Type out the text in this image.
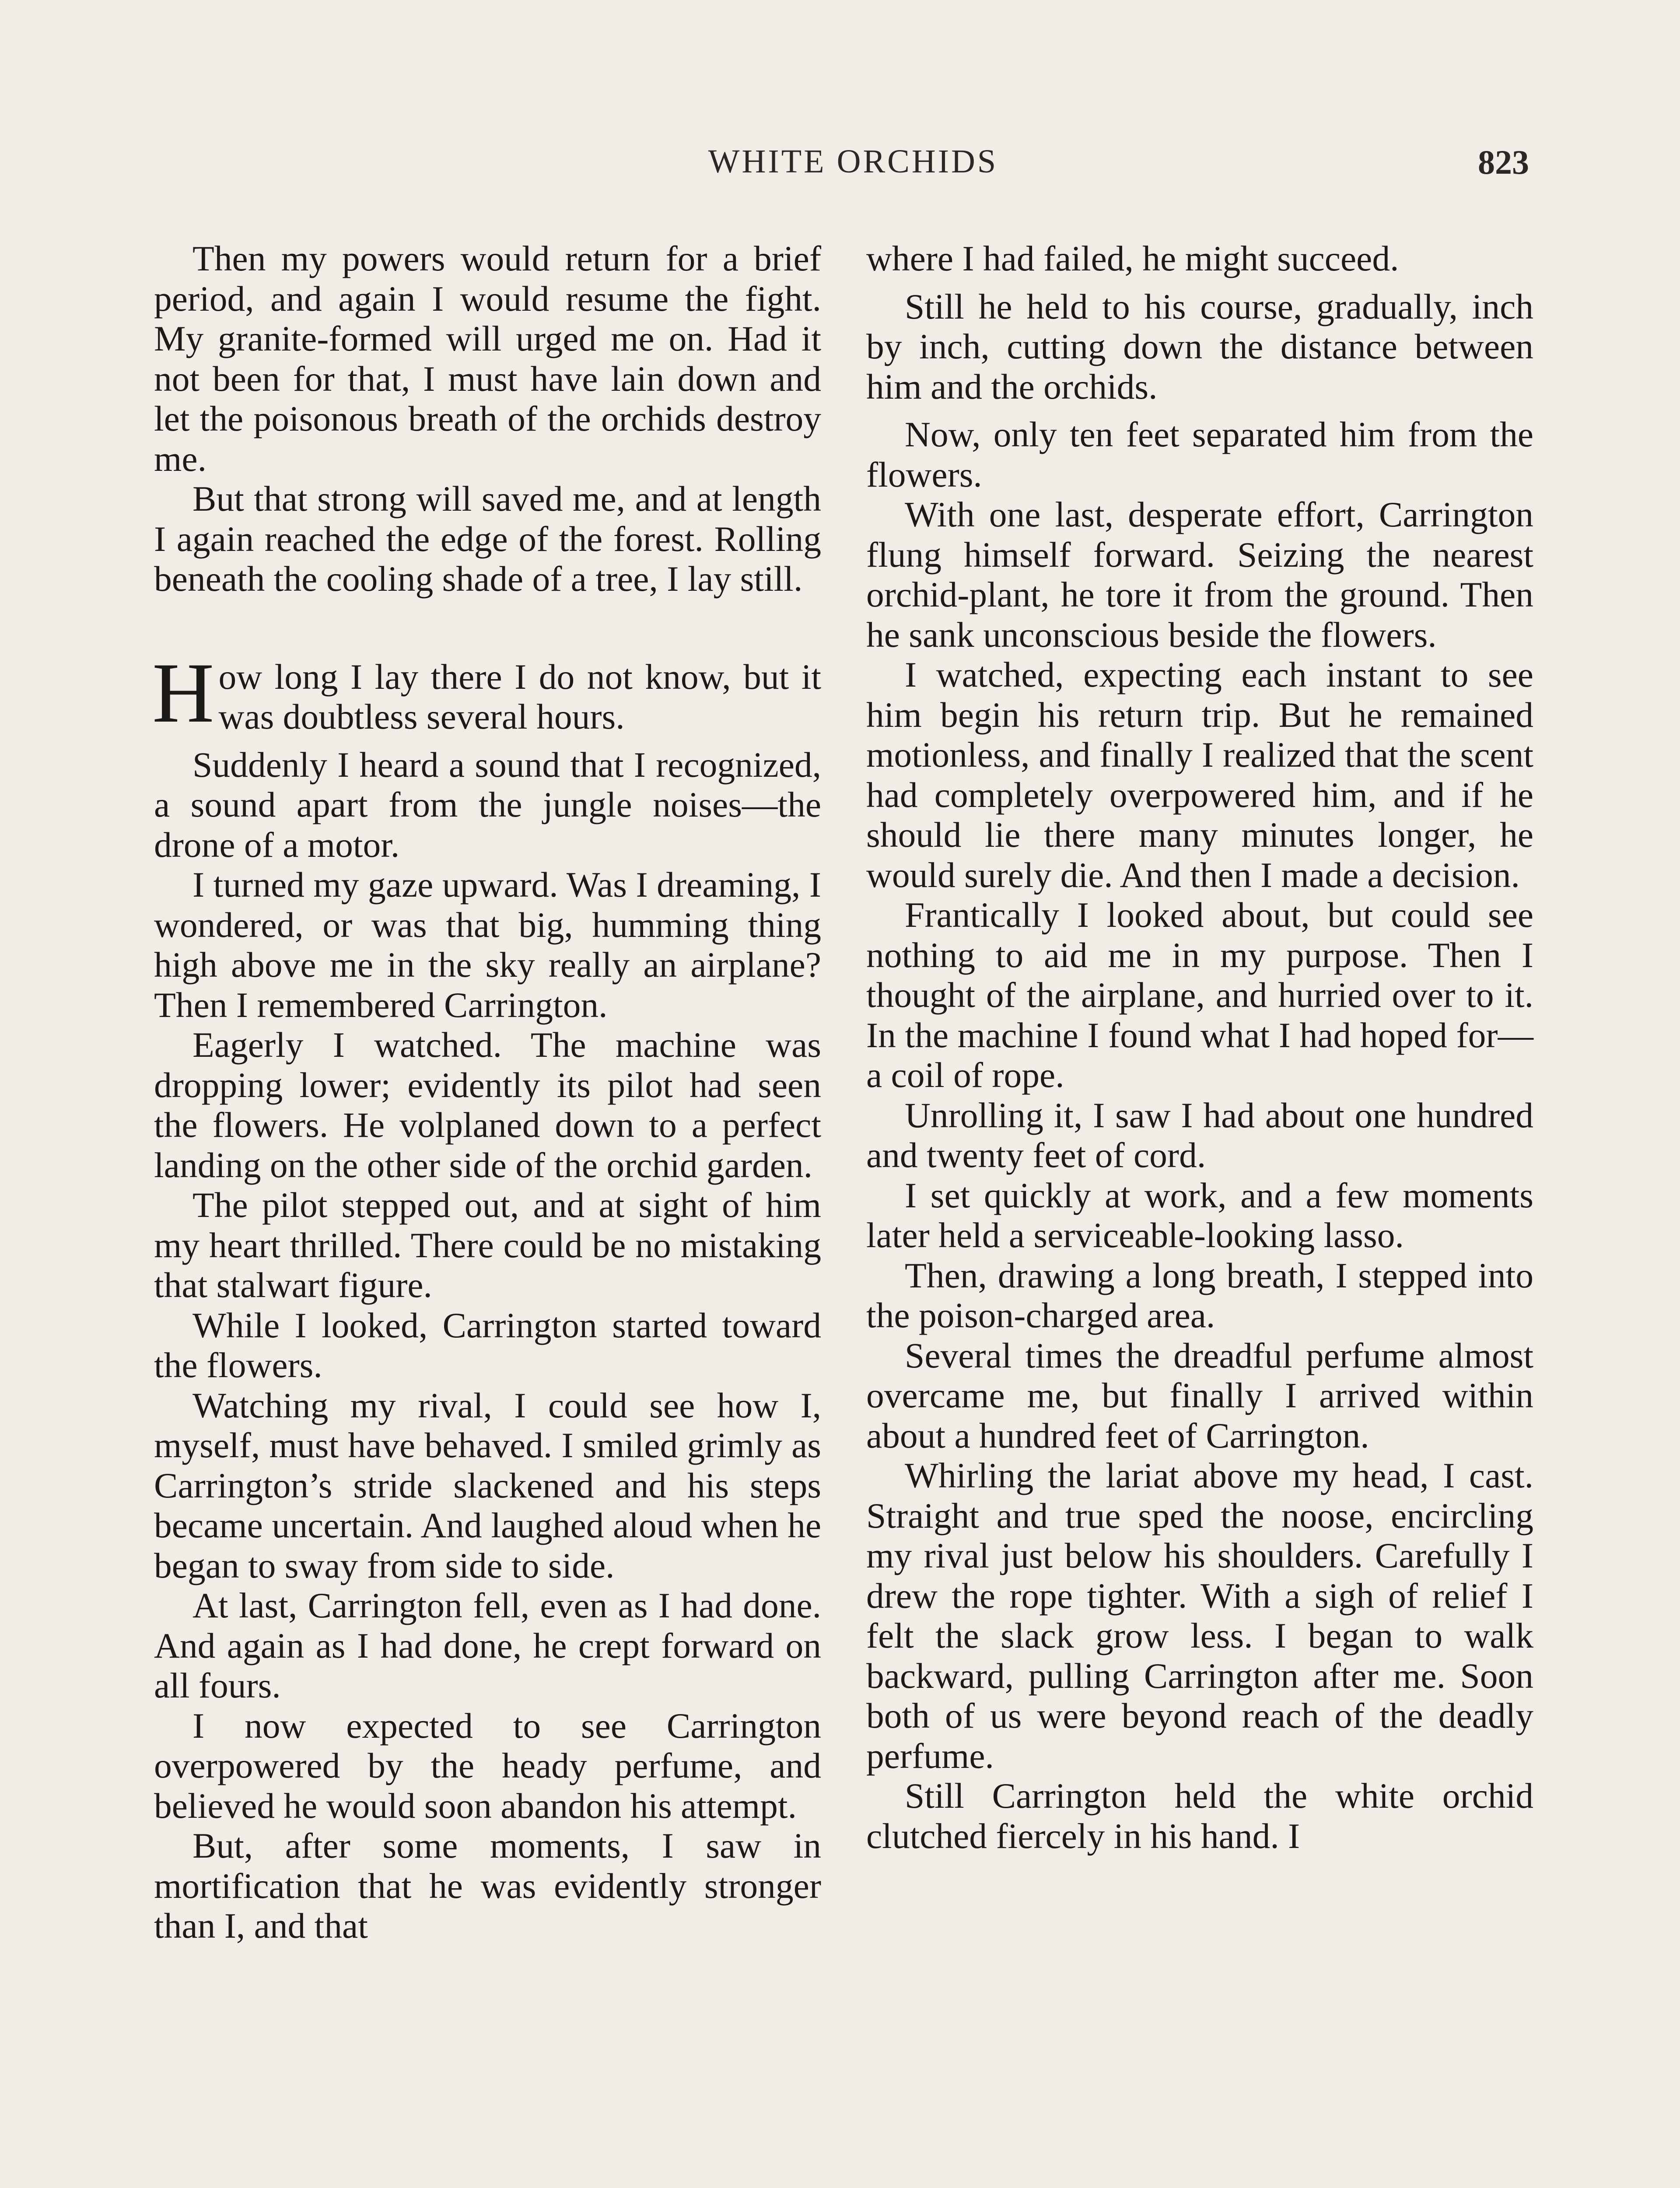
WHITE ORCHIDS	823

Then my powers would return for a brief period, and again I would resume the fight. My granite-formed will urged me on. Had it not been for that, I must have lain down and let the poisonous breath of the orchids destroy me.

But that strong will saved me, and at length I again reached the edge of the forest. Rolling beneath the cooling shade of a tree, I lay still.

How long I lay there I do not know, but it was doubtless several hours.

Suddenly I heard a sound that I recognized, a sound apart from the jungle noises—the drone of a motor.

I turned my gaze upward. Was I dreaming, I wondered, or was that big, humming thing high above me in the sky really an airplane? Then I remembered Carrington.

Eagerly I watched. The machine was dropping lower; evidently its pilot had seen the flowers. He volplaned down to a perfect landing on the other side of the orchid garden.

The pilot stepped out, and at sight of him my heart thrilled. There could be no mistaking that stalwart figure.

While I looked, Carrington started toward the flowers.

Watching my rival, I could see how I, myself, must have behaved. I smiled grimly as Carrington’s stride slackened and his steps became uncertain. And laughed aloud when he began to sway from side to side.

At last, Carrington fell, even as I had done. And again as I had done, he crept forward on all fours.

I now expected to see Carrington overpowered by the heady perfume, and believed he would soon abandon his attempt.

But, after some moments, I saw in mortification that he was evidently stronger than I, and that

where I had failed, he might succeed.

Still he held to his course, gradually, inch by inch, cutting down the distance between him and the orchids.

Now, only ten feet separated him from the flowers.

With one last, desperate effort, Carrington flung himself forward. Seizing the nearest orchid-plant, he tore it from the ground. Then he sank unconscious beside the flowers.

I watched, expecting each instant to see him begin his return trip. But he remained motionless, and finally I realized that the scent had completely overpowered him, and if he should lie there many minutes longer, he would surely die. And then I made a decision.

Frantically I looked about, but could see nothing to aid me in my purpose. Then I thought of the airplane, and hurried over to it. In the machine I found what I had hoped for—a coil of rope.

Unrolling it, I saw I had about one hundred and twenty feet of cord.

I set quickly at work, and a few moments later held a serviceable-looking lasso.

Then, drawing a long breath, I stepped into the poison-charged area.

Several times the dreadful perfume almost overcame me, but finally I arrived within about a hundred feet of Carrington.

Whirling the lariat above my head, I cast. Straight and true sped the noose, encircling my rival just below his shoulders. Carefully I drew the rope tighter. With a sigh of relief I felt the slack grow less. I began to walk backward, pulling Carrington after me. Soon both of us were beyond reach of the deadly perfume.

Still Carrington held the white orchid clutched fiercely in his hand. I
